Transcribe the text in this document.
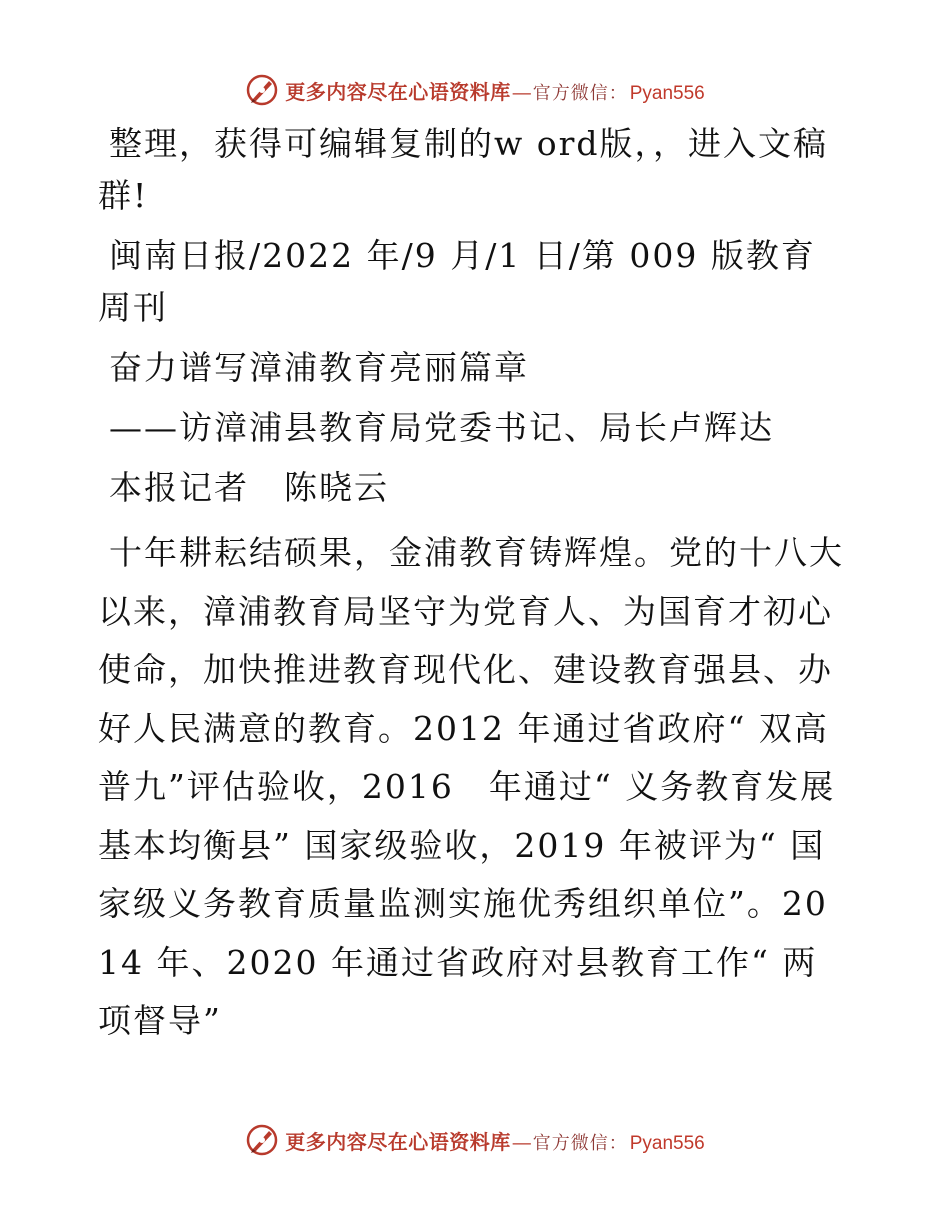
更多内容尽在心语资料库 — 官方微信： Pyan556

整理，获得可编辑复制的w ord版，，进入文稿群!

闽南日报/2022 年/9 月/1 日/第 009 版教育周刊

奋力谱写漳浦教育亮丽篇章

——访漳浦县教育局党委书记、局长卢辉达

本报记者　陈晓云

十年耕耘结硕果，金浦教育铸辉煌。党的十八大以来，漳浦教育局坚守为党育人、为国育才初心使命，加快推进教育现代化、建设教育强县、办好人民满意的教育。2012 年通过省政府“ 双高普九”评估验收，2016　年通过“ 义务教育发展基本均衡县” 国家级验收，2019 年被评为“ 国家级义务教育质量监测实施优秀组织单位”。2014 年、2020 年通过省政府对县教育工作“ 两项督导”

更多内容尽在心语资料库 — 官方微信： Pyan556
